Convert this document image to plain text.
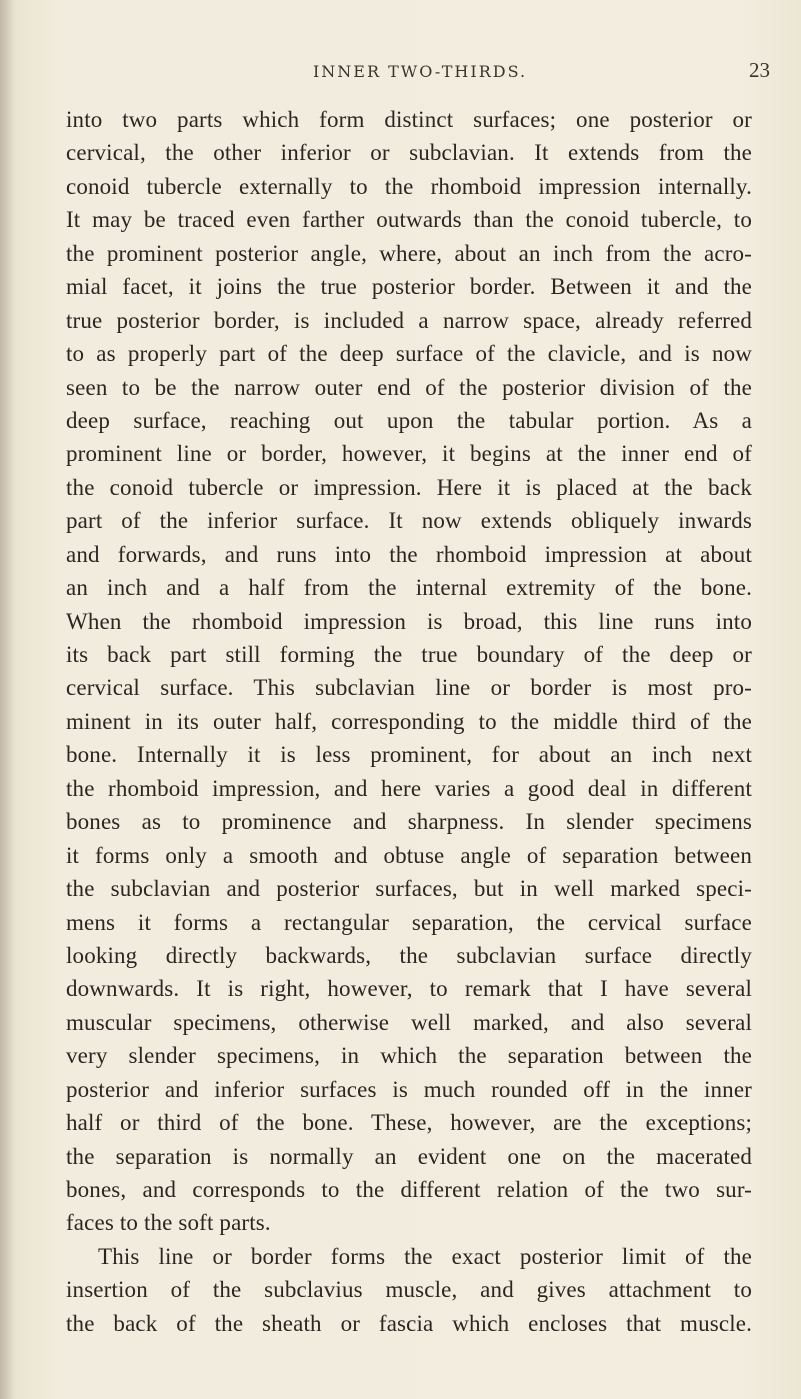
INNER TWO-THIRDS.	23
into two parts which form distinct surfaces; one posterior or
cervical, the other inferior or subclavian. It extends from the
conoid tubercle externally to the rhomboid impression internally.
It may be traced even farther outwards than the conoid tubercle, to
the prominent posterior angle, where, about an inch from the acro-
mial facet, it joins the true posterior border. Between it and the
true posterior border, is included a narrow space, already referred
to as properly part of the deep surface of the clavicle, and is now
seen to be the narrow outer end of the posterior division of the
deep surface, reaching out upon the tabular portion. As a
prominent line or border, however, it begins at the inner end of
the conoid tubercle or impression. Here it is placed at the back
part of the inferior surface. It now extends obliquely inwards
and forwards, and runs into the rhomboid impression at about
an inch and a half from the internal extremity of the bone.
When the rhomboid impression is broad, this line runs into
its back part still forming the true boundary of the deep or
cervical surface. This subclavian line or border is most pro-
minent in its outer half, corresponding to the middle third of the
bone. Internally it is less prominent, for about an inch next
the rhomboid impression, and here varies a good deal in different
bones as to prominence and sharpness. In slender specimens
it forms only a smooth and obtuse angle of separation between
the subclavian and posterior surfaces, but in well marked speci-
mens it forms a rectangular separation, the cervical surface
looking directly backwards, the subclavian surface directly
downwards. It is right, however, to remark that I have several
muscular specimens, otherwise well marked, and also several
very slender specimens, in which the separation between the
posterior and inferior surfaces is much rounded off in the inner
half or third of the bone. These, however, are the exceptions;
the separation is normally an evident one on the macerated
bones, and corresponds to the different relation of the two sur-
faces to the soft parts.
This line or border forms the exact posterior limit of the
insertion of the subclavius muscle, and gives attachment to
the back of the sheath or fascia which encloses that muscle.
